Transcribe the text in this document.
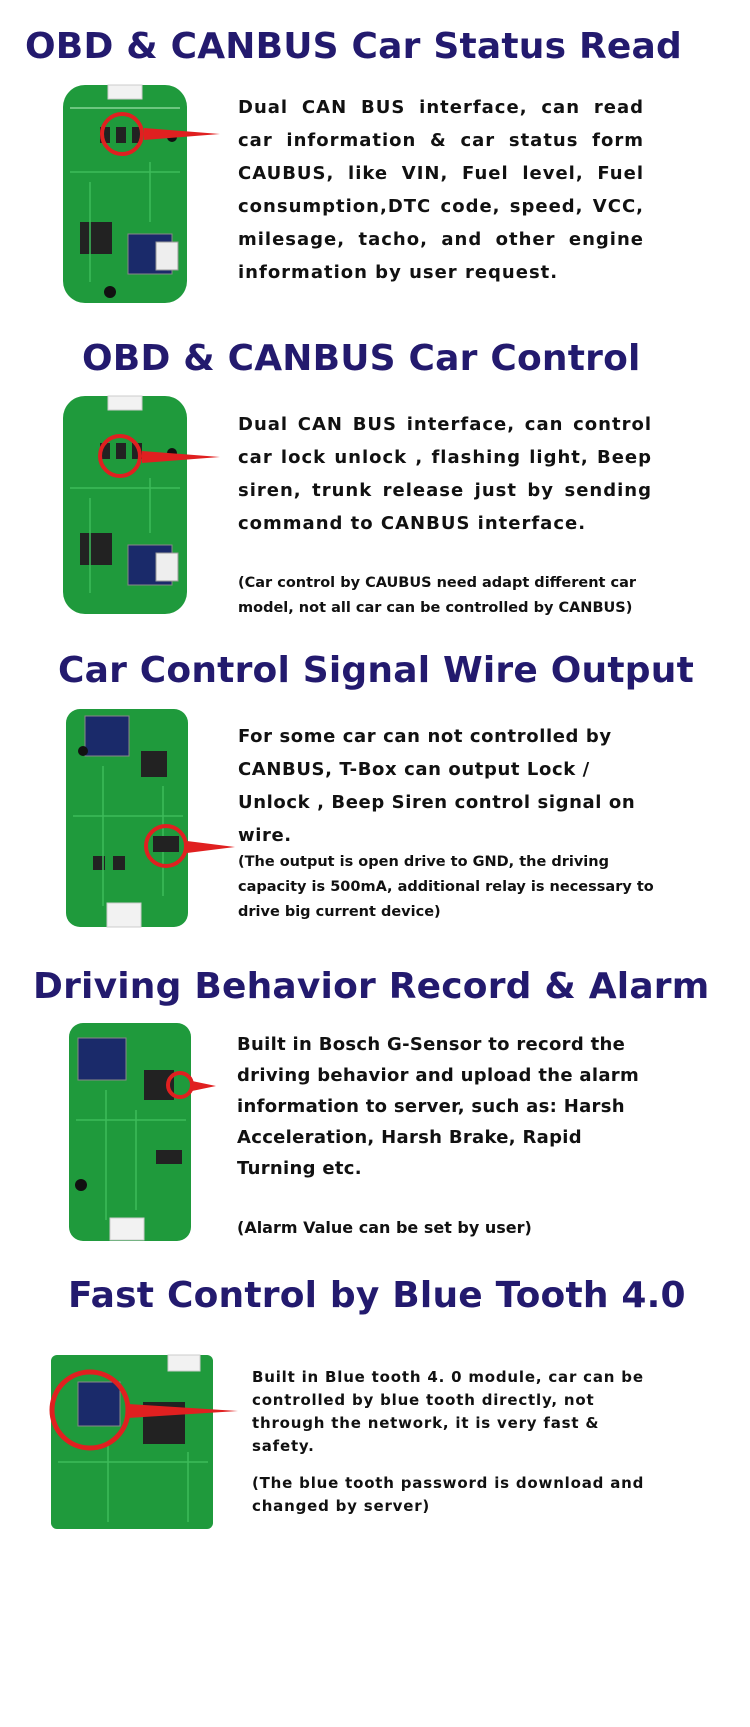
OBD & CANBUS Car Status Read

Dual CAN BUS interface, can read car information & car status form CAUBUS, like VIN, Fuel level, Fuel consumption,DTC code, speed, VCC, milesage, tacho, and other engine information by user request.

OBD & CANBUS Car Control

Dual CAN BUS interface, can control car lock unlock , flashing light, Beep siren, trunk release just by sending command to CANBUS interface.

(Car control by CAUBUS need adapt different car model, not all car can be controlled by CANBUS)

Car Control Signal Wire Output

For some car can not controlled by CANBUS, T-Box can output Lock / Unlock , Beep Siren control signal on wire.

(The output is open drive to GND, the driving capacity is 500mA, additional relay is necessary to drive big current device)

Driving Behavior Record & Alarm

Built in Bosch G-Sensor to record the driving behavior and upload the alarm information to server, such as: Harsh Acceleration, Harsh Brake, Rapid Turning etc.

(Alarm Value can be set by user)

Fast Control by Blue Tooth 4.0

Built in Blue tooth 4. 0 module, car can be controlled by blue tooth directly, not through the network, it is very fast & safety.

(The blue tooth password is download and changed by server)
